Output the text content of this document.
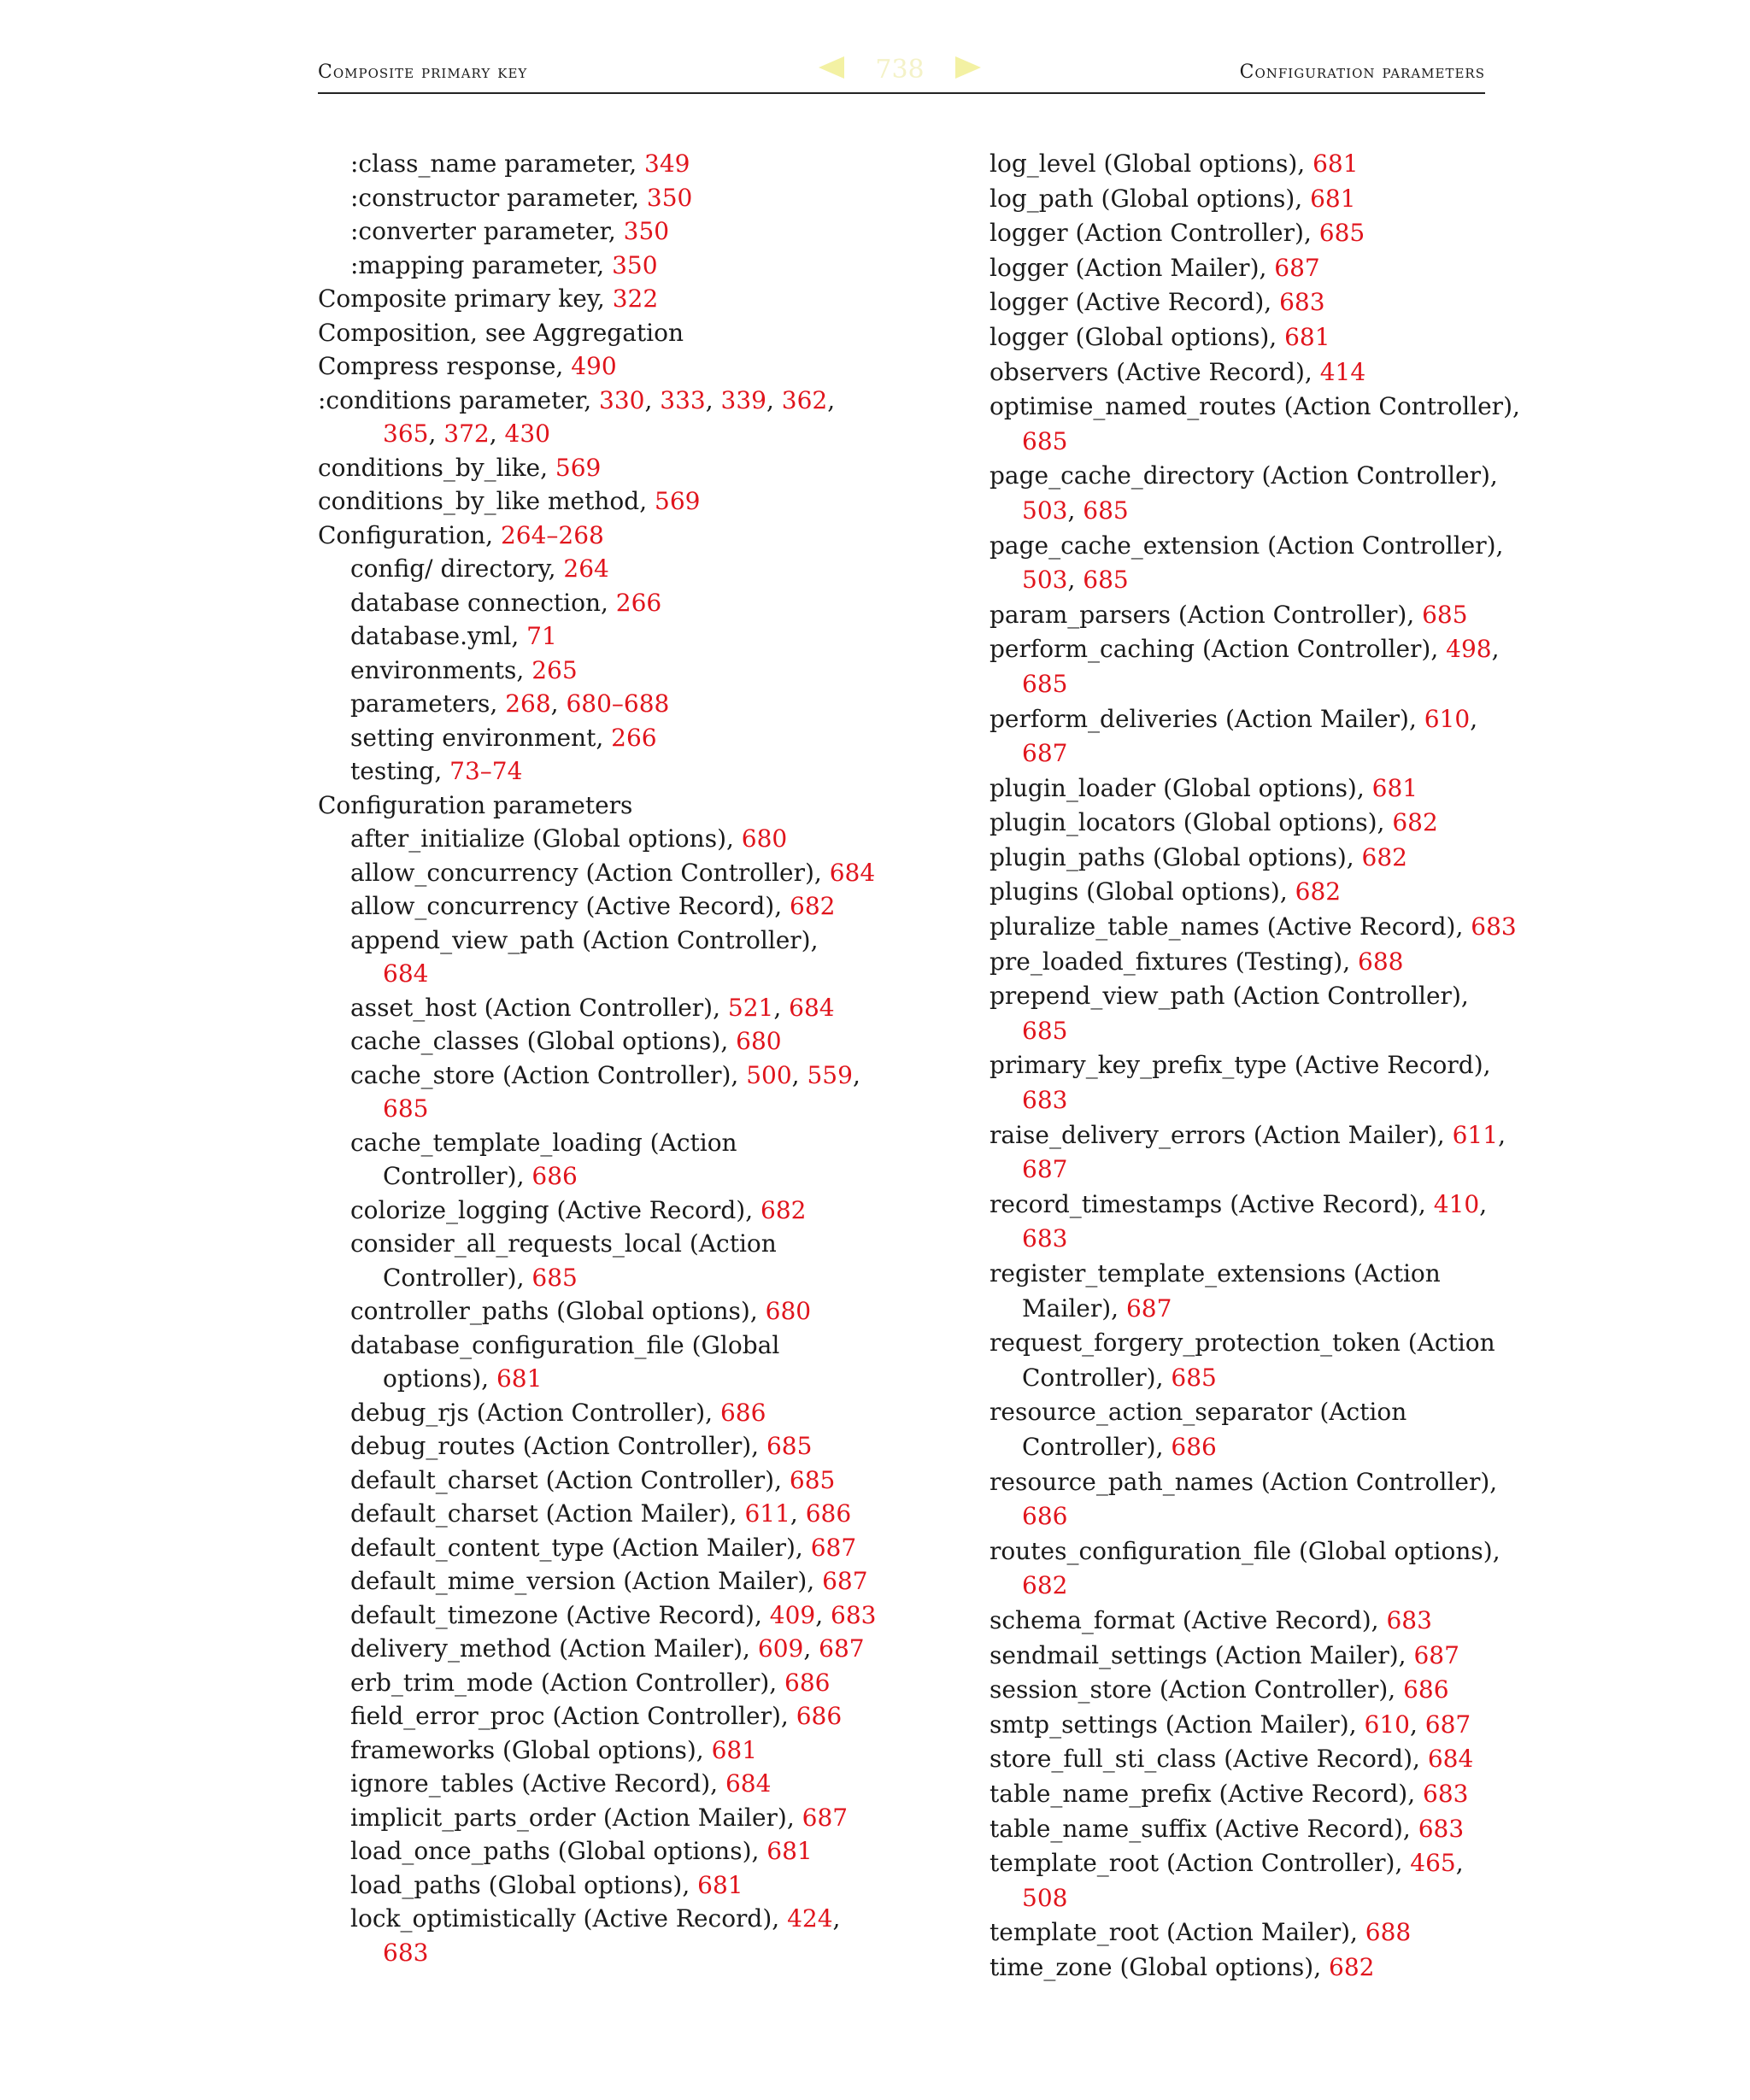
Composite primary key	Configuration parameters
738
:class_name parameter, 349
:constructor parameter, 350
:converter parameter, 350
:mapping parameter, 350
Composite primary key, 322
Composition, see Aggregation
Compress response, 490
:conditions parameter, 330, 333, 339, 362,
365, 372, 430
conditions_by_like, 569
conditions_by_like method, 569
Configuration, 264–268
config/ directory, 264
database connection, 266
database.yml, 71
environments, 265
parameters, 268, 680–688
setting environment, 266
testing, 73–74
Configuration parameters
after_initialize (Global options), 680
allow_concurrency (Action Controller), 684
allow_concurrency (Active Record), 682
append_view_path (Action Controller),
684
asset_host (Action Controller), 521, 684
cache_classes (Global options), 680
cache_store (Action Controller), 500, 559,
685
cache_template_loading (Action
Controller), 686
colorize_logging (Active Record), 682
consider_all_requests_local (Action
Controller), 685
controller_paths (Global options), 680
database_configuration_file (Global
options), 681
debug_rjs (Action Controller), 686
debug_routes (Action Controller), 685
default_charset (Action Controller), 685
default_charset (Action Mailer), 611, 686
default_content_type (Action Mailer), 687
default_mime_version (Action Mailer), 687
default_timezone (Active Record), 409, 683
delivery_method (Action Mailer), 609, 687
erb_trim_mode (Action Controller), 686
field_error_proc (Action Controller), 686
frameworks (Global options), 681
ignore_tables (Active Record), 684
implicit_parts_order (Action Mailer), 687
load_once_paths (Global options), 681
load_paths (Global options), 681
lock_optimistically (Active Record), 424,
683
log_level (Global options), 681
log_path (Global options), 681
logger (Action Controller), 685
logger (Action Mailer), 687
logger (Active Record), 683
logger (Global options), 681
observers (Active Record), 414
optimise_named_routes (Action Controller),
685
page_cache_directory (Action Controller),
503, 685
page_cache_extension (Action Controller),
503, 685
param_parsers (Action Controller), 685
perform_caching (Action Controller), 498,
685
perform_deliveries (Action Mailer), 610,
687
plugin_loader (Global options), 681
plugin_locators (Global options), 682
plugin_paths (Global options), 682
plugins (Global options), 682
pluralize_table_names (Active Record), 683
pre_loaded_fixtures (Testing), 688
prepend_view_path (Action Controller),
685
primary_key_prefix_type (Active Record),
683
raise_delivery_errors (Action Mailer), 611,
687
record_timestamps (Active Record), 410,
683
register_template_extensions (Action
Mailer), 687
request_forgery_protection_token (Action
Controller), 685
resource_action_separator (Action
Controller), 686
resource_path_names (Action Controller),
686
routes_configuration_file (Global options),
682
schema_format (Active Record), 683
sendmail_settings (Action Mailer), 687
session_store (Action Controller), 686
smtp_settings (Action Mailer), 610, 687
store_full_sti_class (Active Record), 684
table_name_prefix (Active Record), 683
table_name_suffix (Active Record), 683
template_root (Action Controller), 465,
508
template_root (Action Mailer), 688
time_zone (Global options), 682
